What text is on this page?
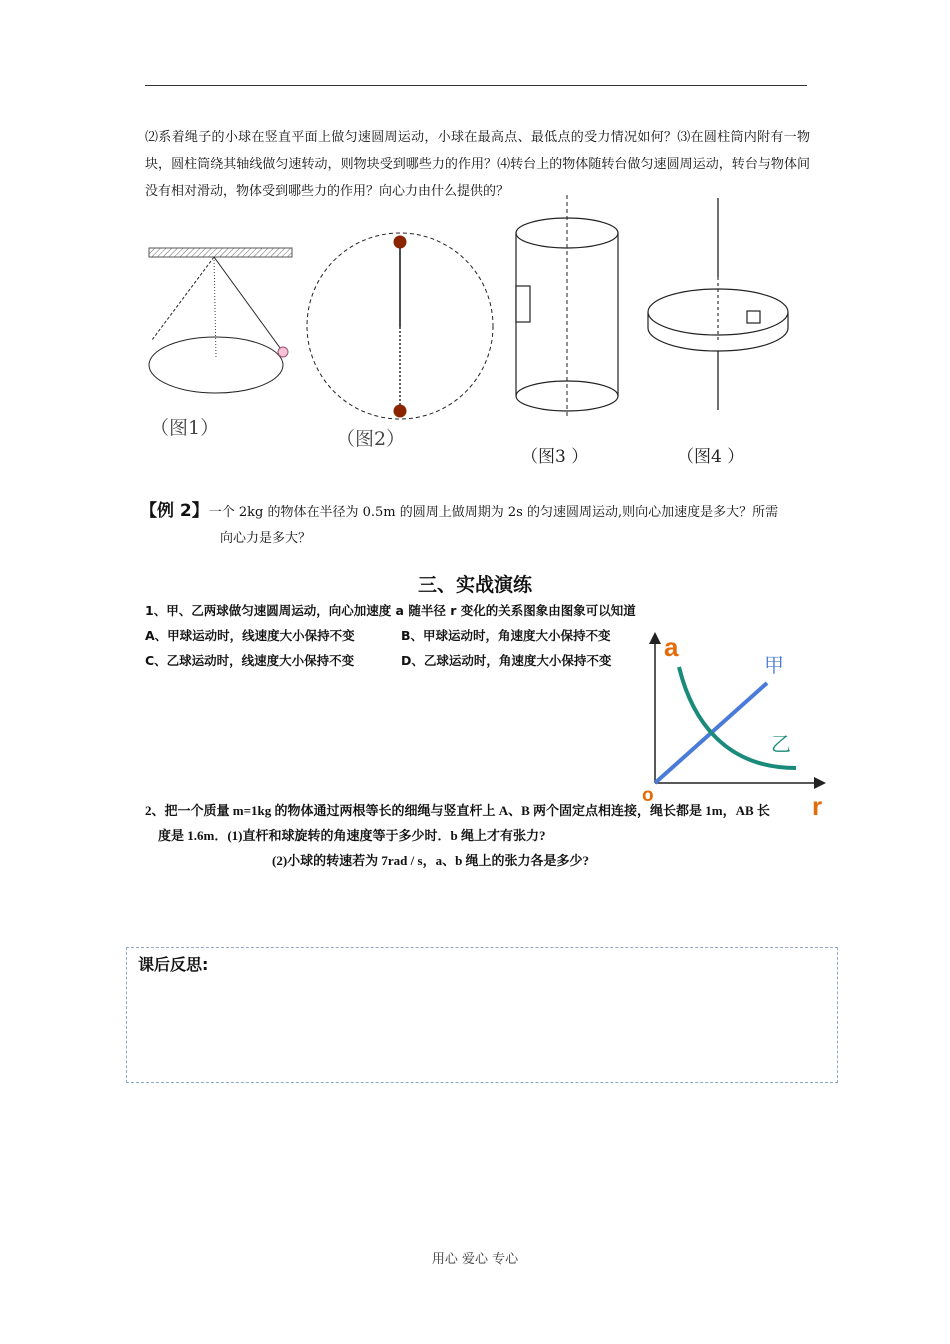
⑵系着绳子的小球在竖直平面上做匀速圆周运动，小球在最高点、最低点的受力情况如何？⑶在圆柱筒内附有一物块，圆柱筒绕其轴线做匀速转动，则物块受到哪些力的作用？⑷转台上的物体随转台做匀速圆周运动，转台与物体间没有相对滑动，物体受到哪些力的作用？向心力由什么提供的？
（图1）	（图2）
（图3 ）	（图4 ）
【例 2】一个 2kg 的物体在半径为 0.5m 的圆周上做周期为 2s 的匀速圆周运动,则向心加速度是多大？所需
向心力是多大？
三、实战演练
1、甲、乙两球做匀速圆周运动，向心加速度 a 随半径 r 变化的关系图象由图象可以知道
A、甲球运动时，线速度大小保持不变	B、甲球运动时，角速度大小保持不变
C、乙球运动时，线速度大小保持不变	D、乙球运动时，角速度大小保持不变 a
o	r
甲
乙
2、把一个质量 m=1kg 的物体通过两根等长的细绳与竖直杆上 A、B 两个固定点相连接，绳长都是 1m，AB 长
度是 1.6m．(1)直杆和球旋转的角速度等于多少时．b 绳上才有张力?
(2)小球的转速若为 7rad / s，a、b 绳上的张力各是多少?
课后反思:
用心 爱心 专心
